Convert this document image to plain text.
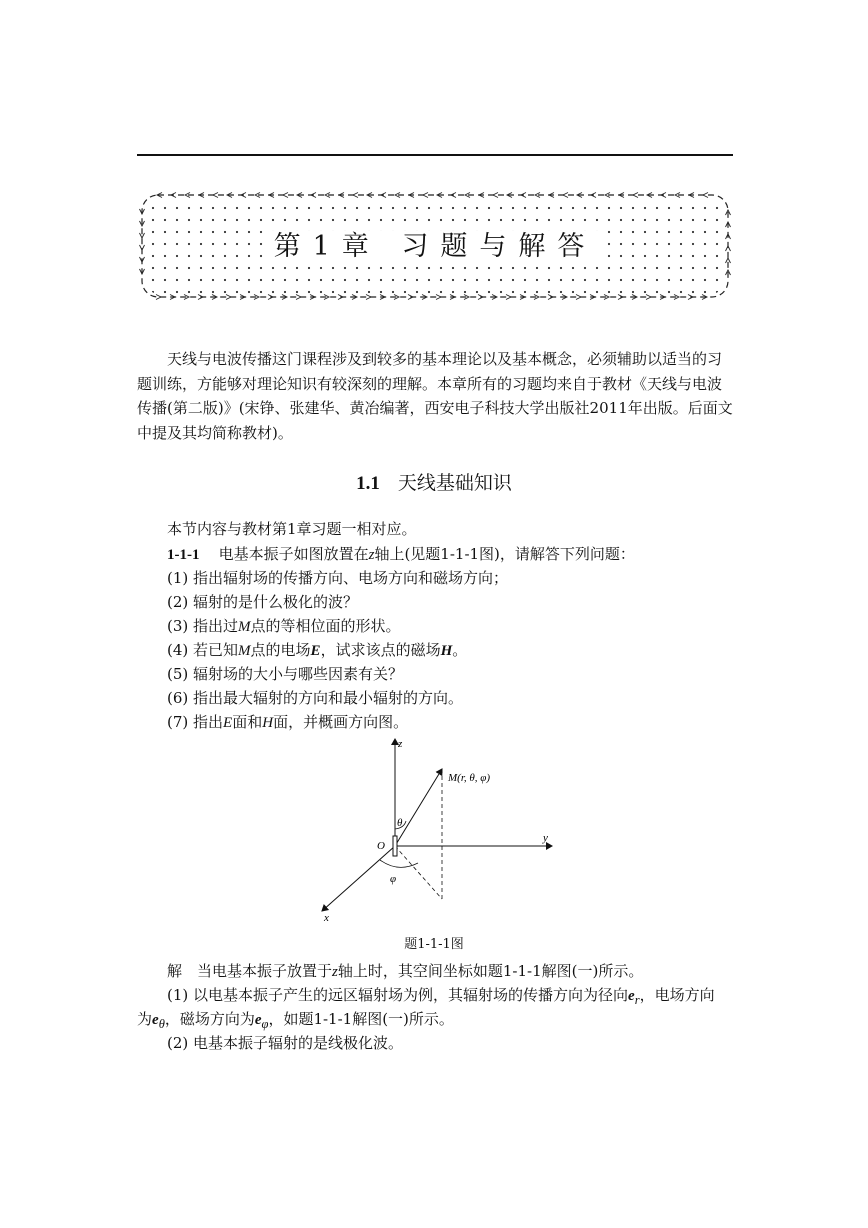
第1章 习题与解答

天线与电波传播这门课程涉及到较多的基本理论以及基本概念，必须辅助以适当的习题训练，方能够对理论知识有较深刻的理解。本章所有的习题均来自于教材《天线与电波传播(第二版)》(宋铮、张建华、黄冶编著，西安电子科技大学出版社2011年出版。后面文中提及其均简称教材)。

1.1 天线基础知识
本节内容与教材第1章习题一相对应。
1-1-1 电基本振子如图放置在z轴上(见题1-1-1图)，请解答下列问题：
(1) 指出辐射场的传播方向、电场方向和磁场方向；
(2) 辐射的是什么极化的波？
(3) 指出过M点的等相位面的形状。
(4) 若已知M点的电场E，试求该点的磁场H。
(5) 辐射场的大小与哪些因素有关？
(6) 指出最大辐射的方向和最小辐射的方向。
(7) 指出E面和H面，并概画方向图。
z
y
x
O
M(r, θ, φ)
θ
φ
题1-1-1图
解　当电基本振子放置于z轴上时，其空间坐标如题1-1-1解图(一)所示。
(1) 以电基本振子产生的远区辐射场为例，其辐射场的传播方向为径向$e_r$，电场方向
为$e_\theta$，磁场方向为$e_\varphi$，如题1-1-1解图(一)所示。
(2) 电基本振子辐射的是线极化波。
